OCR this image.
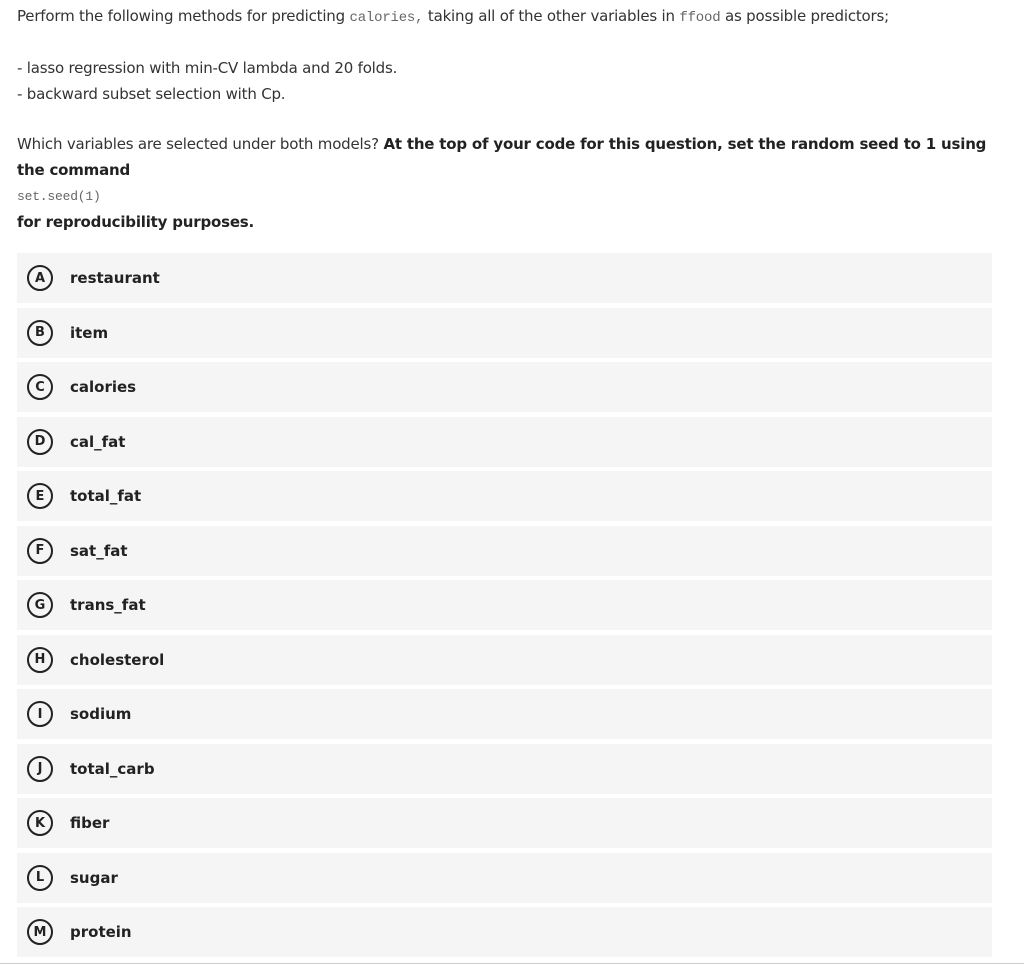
Perform the following methods for predicting calories, taking all of the other variables in ffood as possible predictors;

- lasso regression with min-CV lambda and 20 folds.

- backward subset selection with Cp.

Which variables are selected under both models? At the top of your code for this question, set the random seed to 1 using the command

set.seed(1)

for reproducibility purposes.

A	restaurant
B	item
C	calories
D	cal_fat
E	total_fat
F	sat_fat
G	trans_fat
H	cholesterol
I	sodium
J	total_carb
K	fiber
L	sugar
M	protein
